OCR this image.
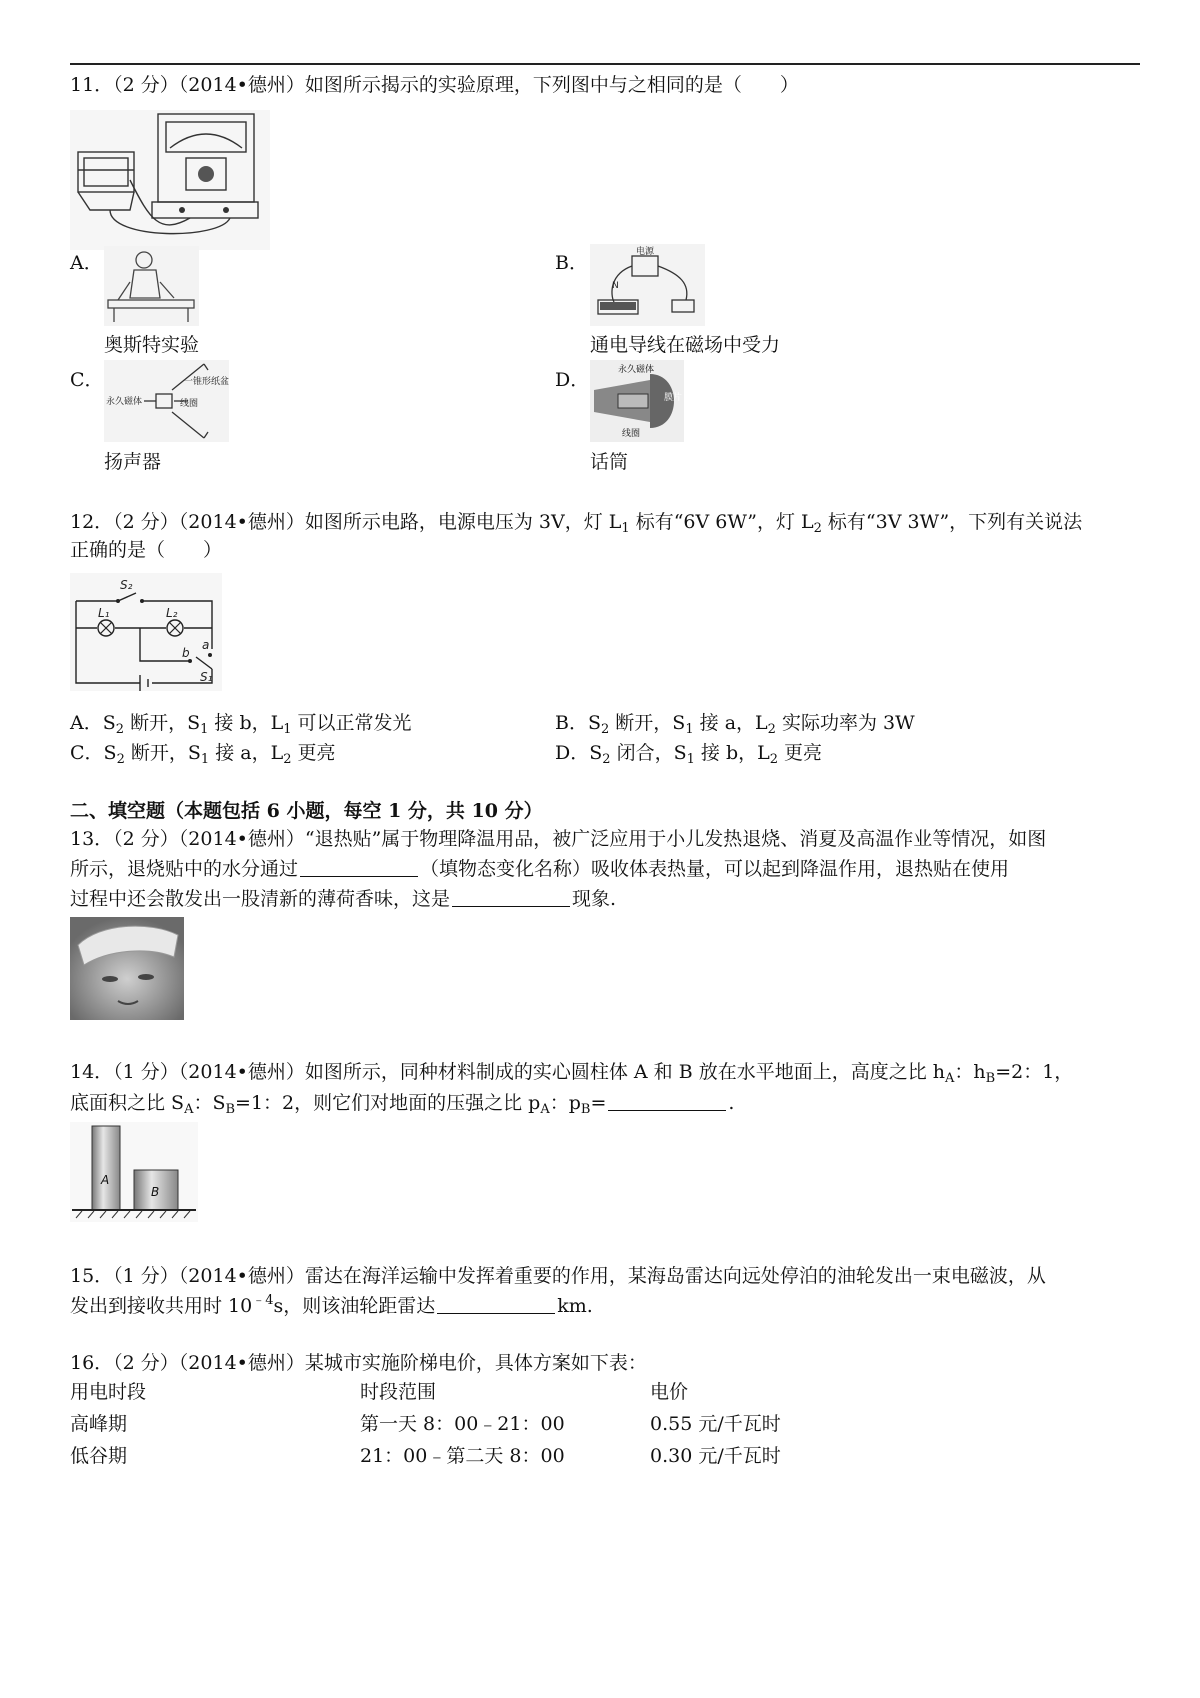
11．（2 分）（2014•德州）如图所示揭示的实验原理，下列图中与之相同的是（　　）
A．
奥斯特实验
B．	电源
N
通电导线在磁场中受力
C．
永久磁体
一锥形纸盆
线圈
扬声器
D．	永久磁体
膜片
线圈
话筒
12．（2 分）（2014•德州）如图所示电路，电源电压为 3V，灯 $L_1$ 标有“6V 6W”，灯 $L_2$ 标有“3V 3W”，下列有关说法
正确的是（　　）
S₂
L₁	L₂
b
a
S₁
A．$S_2$ 断开，$S_1$ 接 b，$L_1$ 可以正常发光	B．$S_2$ 断开，$S_1$ 接 a，$L_2$ 实际功率为 3W
C．$S_2$ 断开，$S_1$ 接 a，$L_2$ 更亮	D．$S_2$ 闭合，$S_1$ 接 b，$L_2$ 更亮
二、填空题（本题包括 6 小题，每空 1 分，共 10 分）
13．（2 分）（2014•德州）“退热贴”属于物理降温用品，被广泛应用于小儿发热退烧、消夏及高温作业等情况，如图
所示，退烧贴中的水分通过	（填物态变化名称）吸收体表热量，可以起到降温作用，退热贴在使用
过程中还会散发出一股清新的薄荷香味，这是	现象.
14．（1 分）（2014•德州）如图所示，同种材料制成的实心圆柱体 A 和 B 放在水平地面上，高度之比 $h_A$：$h_B=2$：1，
底面积之比 $S_A$：$S_B=1$：2，则它们对地面的压强之比 $p_A$：$p_B=$	.
A
B
15．（1 分）（2014•德州）雷达在海洋运输中发挥着重要的作用，某海岛雷达向远处停泊的油轮发出一束电磁波，从
发出到接收共用时 $10^{﹣4}s$，则该油轮距雷达	km.
16．（2 分）（2014•德州）某城市实施阶梯电价，具体方案如下表：
用电时段	时段范围	电价
高峰期	第一天 8：00﹣21：00	0.55 元/千瓦时
低谷期	21：00﹣第二天 8：00	0.30 元/千瓦时
